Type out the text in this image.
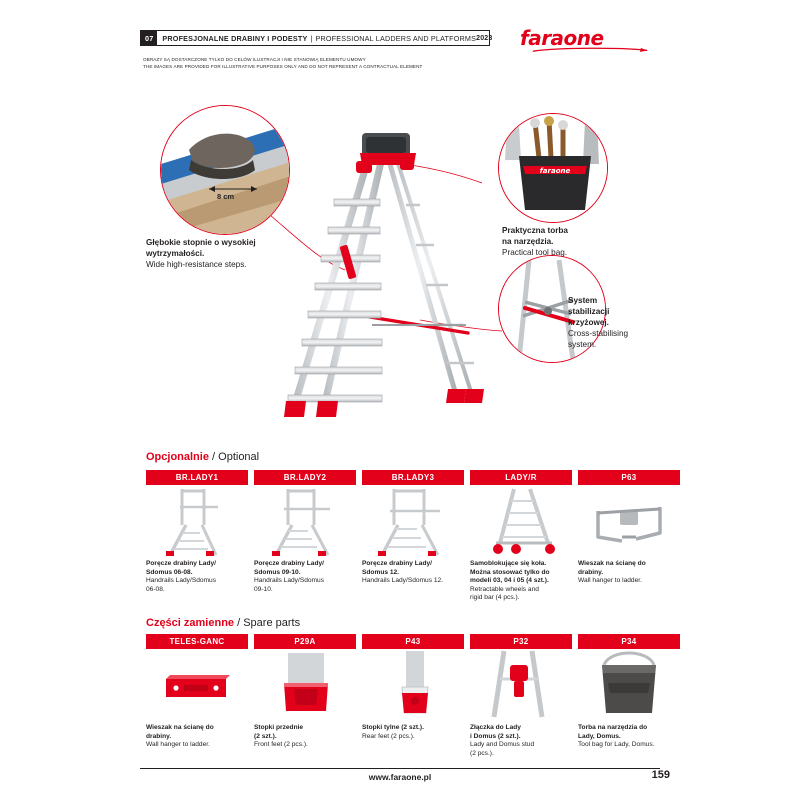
07	PROFESJONALNE DRABINY I PODESTY | PROFESSIONAL LADDERS AND PLATFORMS 2023	faraone
OBRAZY SĄ DOSTARCZONE TYLKO DO CELÓW ILUSTRACJI I NIE STANOWIĄ ELEMENTU UMOWY
THE IMAGES ARE PROVIDED FOR ILLUSTRATIVE PURPOSES ONLY AND DO NOT REPRESENT A CONTRACTUAL ELEMENT
8 cm
faraone
Głębokie stopnie o wysokiej
wytrzymałości.
Wide high-resistance steps.
Praktyczna torba
na narzędzia.
Practical tool bag.
System
stabilizacji
krzyżowej.
Cross-stabilising
system.
Opcjonalnie / Optional
BR.LADY1
Poręcze drabiny Lady/
Sdomus 06-08.
Handrails Lady/Sdomus
06-08.
BR.LADY2
Poręcze drabiny Lady/
Sdomus 09-10.
Handrails Lady/Sdomus
09-10.
BR.LADY3
Poręcze drabiny Lady/
Sdomus 12.
Handrails Lady/Sdomus 12.
LADY/R
Samoblokujące się koła.
Można stosować tylko do
modeli 03, 04 i 05 (4 szt.).
Retractable wheels and
rigid bar (4 pcs.).
P63
Wieszak na ścianę do
drabiny.
Wall hanger to ladder.
Części zamienne / Spare parts
TELES-GANC
Wieszak na ścianę do
drabiny.
Wall hanger to ladder.
P29A
Stopki przednie
(2 szt.).
Front feet (2 pcs.).
P43
Stopki tylne (2 szt.).
Rear feet (2 pcs.).
P32
Złączka do Lady
i Domus (2 szt.).
Lady and Domus stud
(2 pcs.).
P34
Torba na narzędzia do
Lady, Domus.
Tool bag for Lady, Domus.
www.faraone.pl	159
